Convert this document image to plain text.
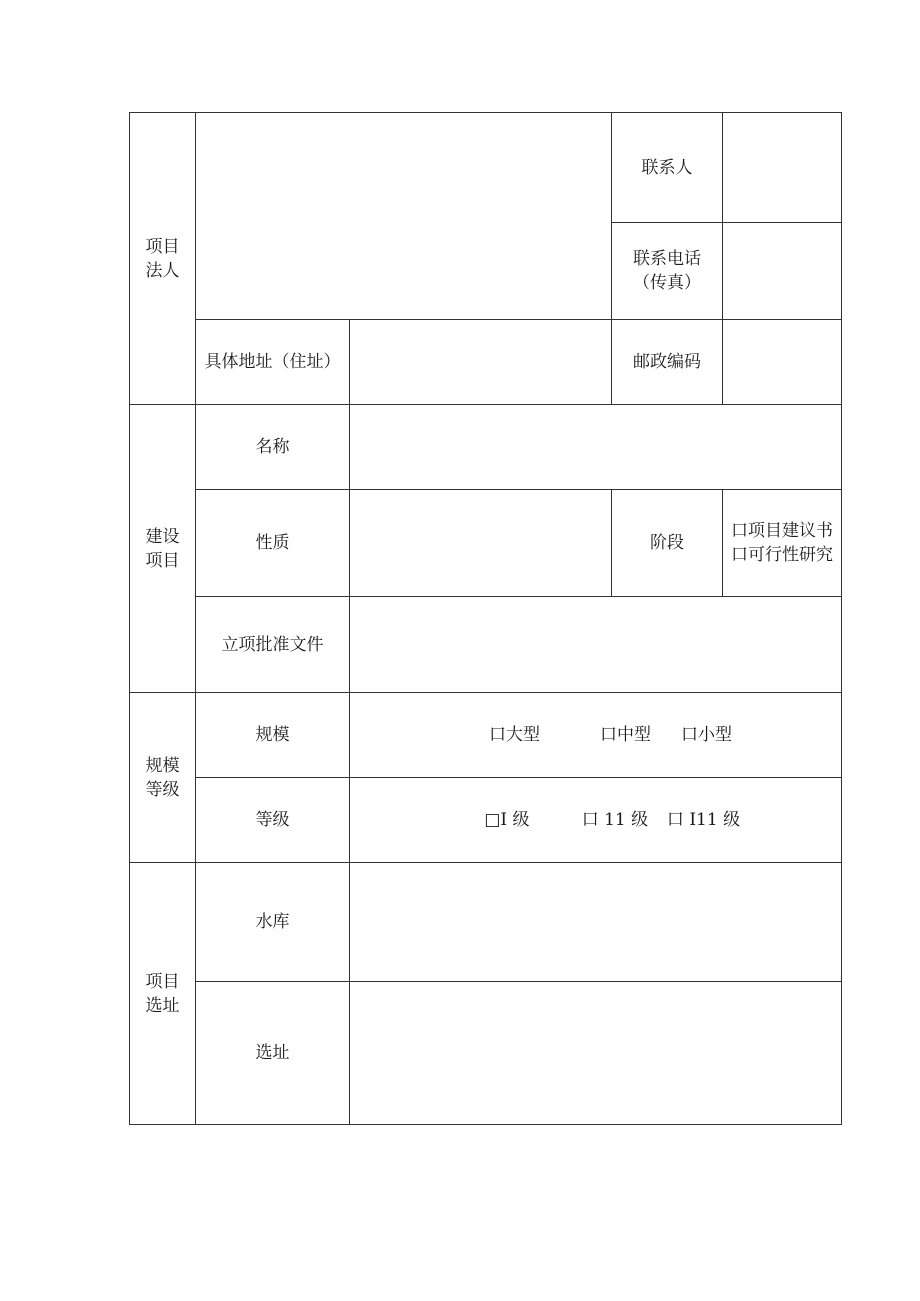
项目
法人			联系人	

			联系电话
（传真）	

	具体地址（住址）		邮政编码	

建设
项目	名称			
	性质		阶段	口项目建议书
口可行性研究

	立项批准文件			

规模
等级	规模	口大型 口中型 口小型		
	等级	□I 级 口 11 级 口 I11 级		

项目
选址	水库			
	选址			
